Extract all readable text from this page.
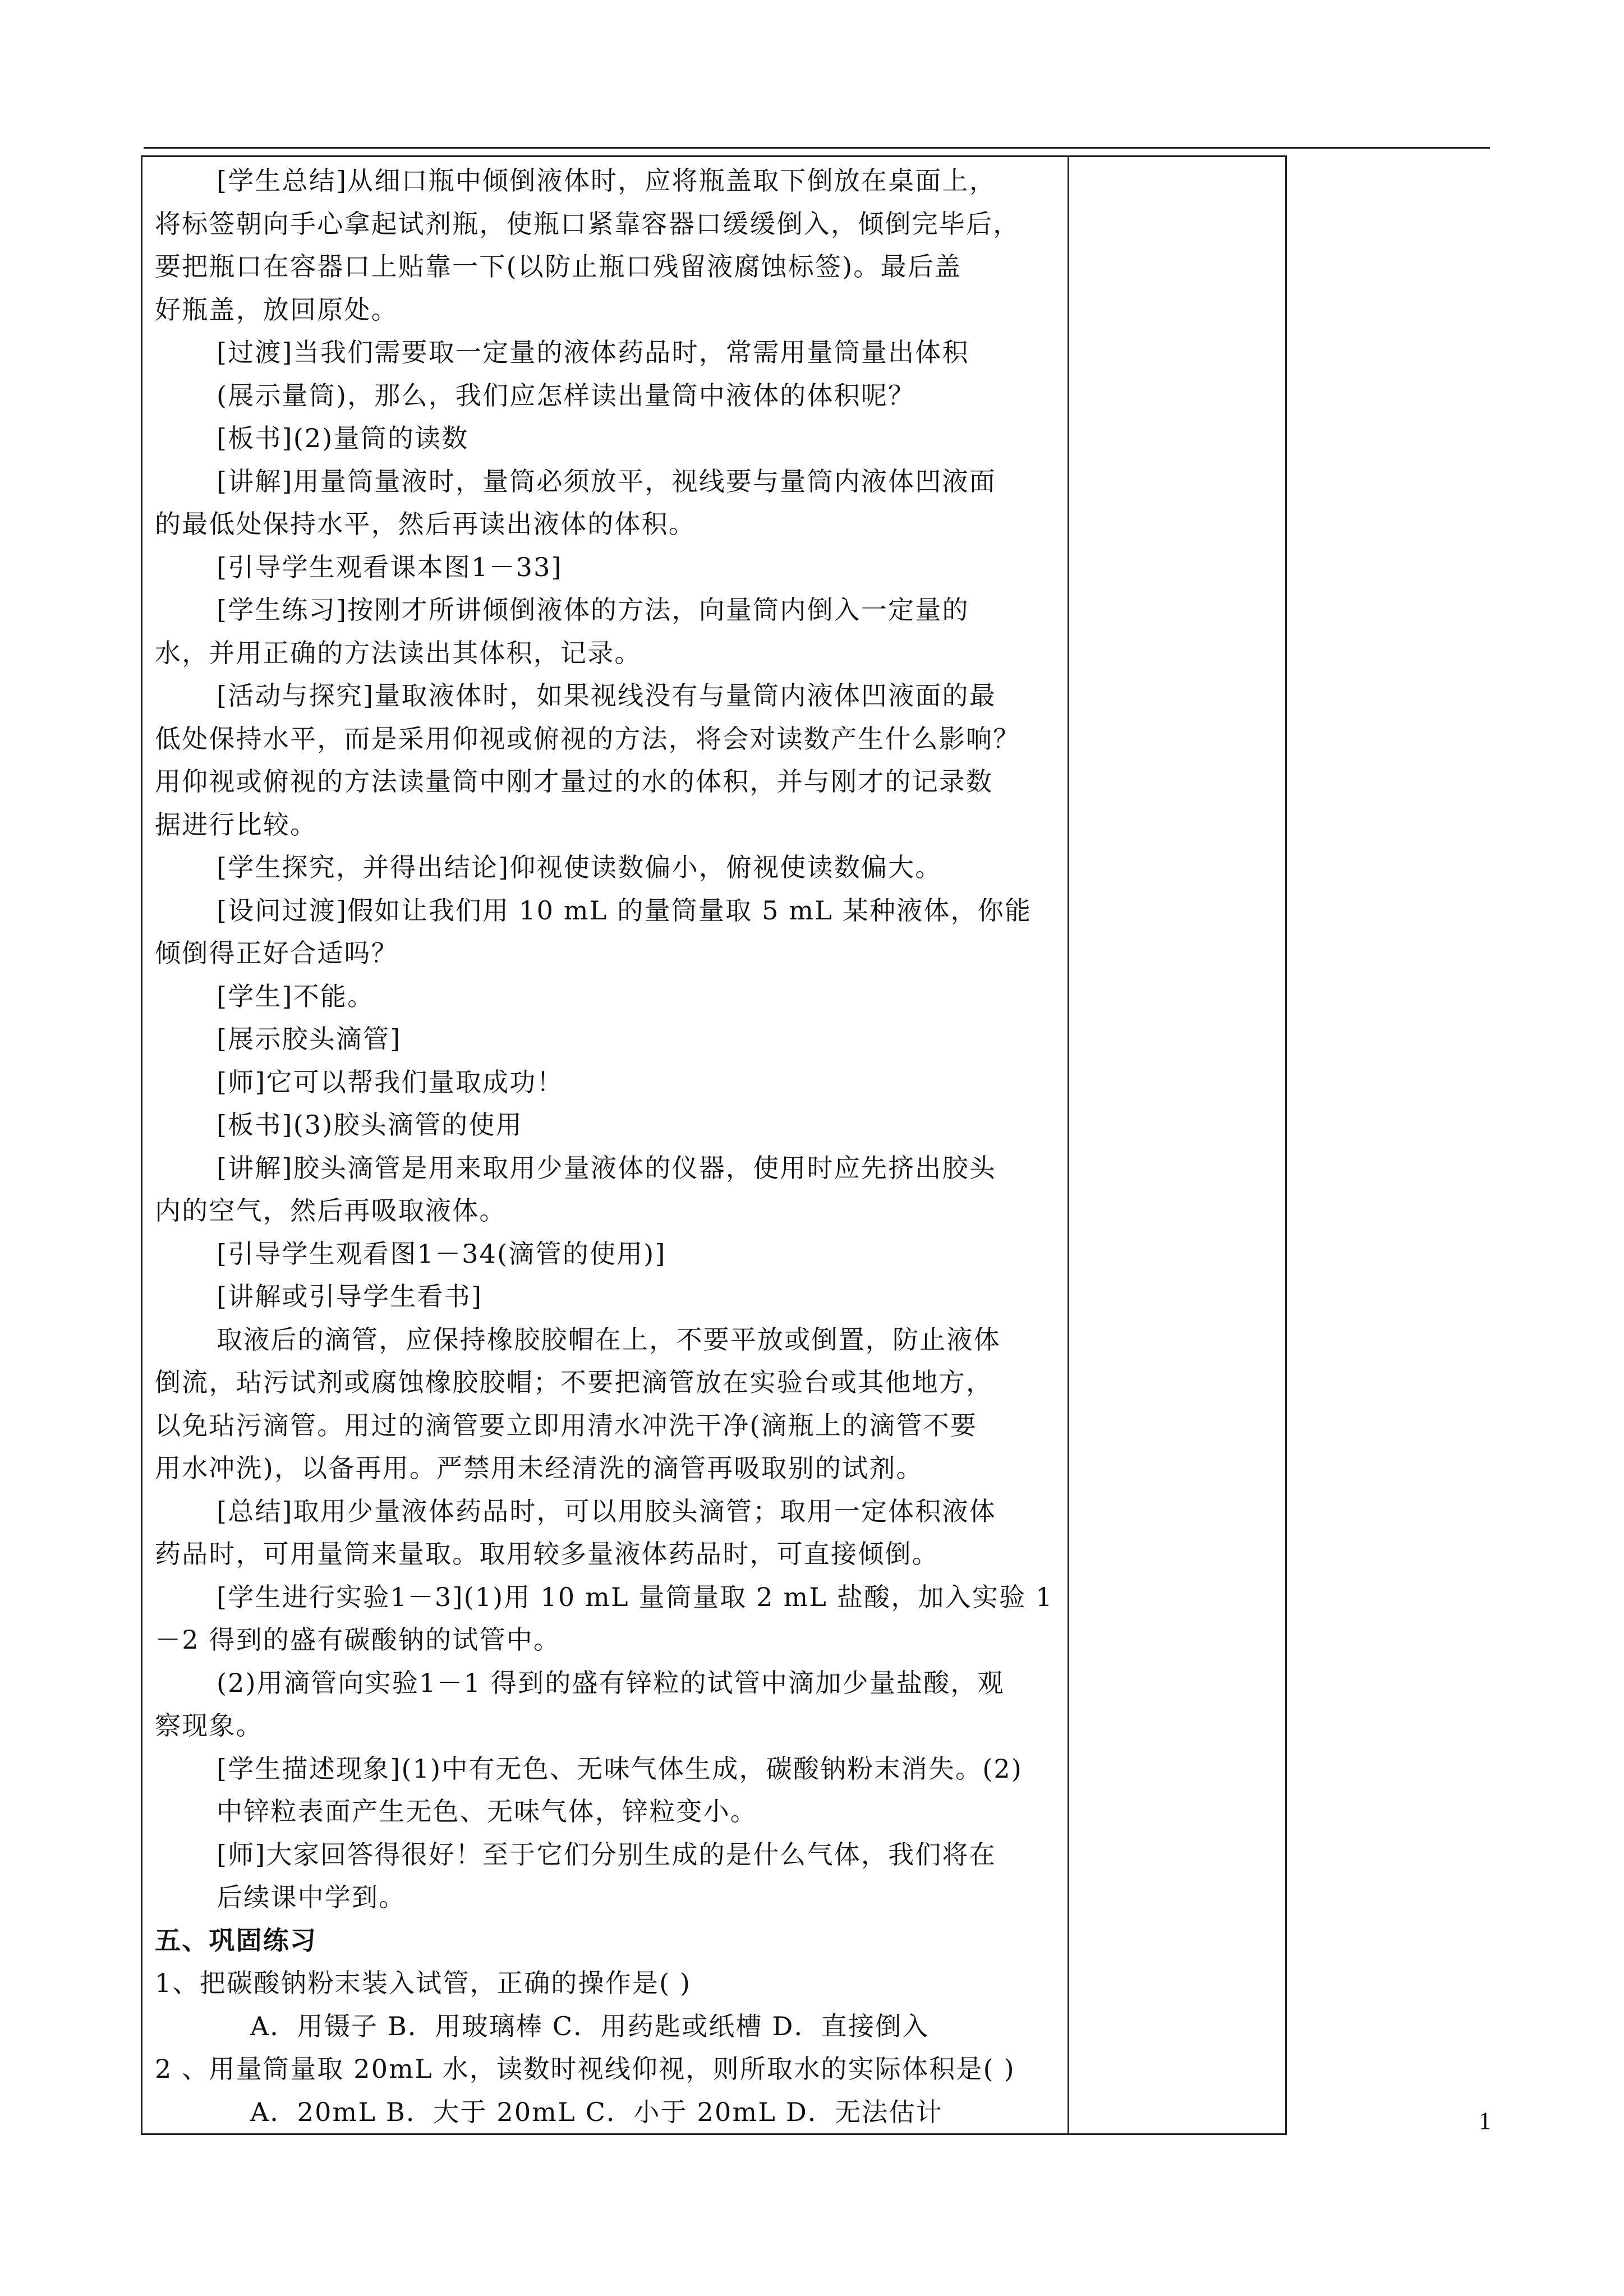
[学生总结]从细口瓶中倾倒液体时，应将瓶盖取下倒放在桌面上，

将标签朝向手心拿起试剂瓶，使瓶口紧靠容器口缓缓倒入，倾倒完毕后，

要把瓶口在容器口上贴靠一下(以防止瓶口残留液腐蚀标签)。最后盖

好瓶盖，放回原处。

[过渡]当我们需要取一定量的液体药品时，常需用量筒量出体积

(展示量筒)，那么，我们应怎样读出量筒中液体的体积呢？

[板书](2)量筒的读数

[讲解]用量筒量液时，量筒必须放平，视线要与量筒内液体凹液面

的最低处保持水平，然后再读出液体的体积。

[引导学生观看课本图1－33]

[学生练习]按刚才所讲倾倒液体的方法，向量筒内倒入一定量的

水，并用正确的方法读出其体积，记录。

[活动与探究]量取液体时，如果视线没有与量筒内液体凹液面的最

低处保持水平，而是采用仰视或俯视的方法，将会对读数产生什么影响？

用仰视或俯视的方法读量筒中刚才量过的水的体积，并与刚才的记录数

据进行比较。

[学生探究，并得出结论]仰视使读数偏小，俯视使读数偏大。

[设问过渡]假如让我们用 10 mL 的量筒量取 5 mL 某种液体，你能

倾倒得正好合适吗？

[学生]不能。

[展示胶头滴管]

[师]它可以帮我们量取成功！

[板书](3)胶头滴管的使用

[讲解]胶头滴管是用来取用少量液体的仪器，使用时应先挤出胶头

内的空气，然后再吸取液体。

[引导学生观看图1－34(滴管的使用)]

[讲解或引导学生看书]

取液后的滴管，应保持橡胶胶帽在上，不要平放或倒置，防止液体

倒流，玷污试剂或腐蚀橡胶胶帽；不要把滴管放在实验台或其他地方，

以免玷污滴管。用过的滴管要立即用清水冲洗干净(滴瓶上的滴管不要

用水冲洗)，以备再用。严禁用未经清洗的滴管再吸取别的试剂。

[总结]取用少量液体药品时，可以用胶头滴管；取用一定体积液体

药品时，可用量筒来量取。取用较多量液体药品时，可直接倾倒。

[学生进行实验1－3](1)用 10 mL 量筒量取 2 mL 盐酸，加入实验 1

－2 得到的盛有碳酸钠的试管中。

(2)用滴管向实验1－1 得到的盛有锌粒的试管中滴加少量盐酸，观

察现象。

[学生描述现象](1)中有无色、无味气体生成，碳酸钠粉末消失。(2)

中锌粒表面产生无色、无味气体，锌粒变小。

[师]大家回答得很好！至于它们分别生成的是什么气体，我们将在

后续课中学到。

五、巩固练习

1、把碳酸钠粉末装入试管，正确的操作是( )

A．用镊子 B．用玻璃棒 C．用药匙或纸槽 D．直接倒入

2 、用量筒量取 20mL 水，读数时视线仰视，则所取水的实际体积是( )

A．20mL B．大于 20mL C．小于 20mL D．无法估计

		1
